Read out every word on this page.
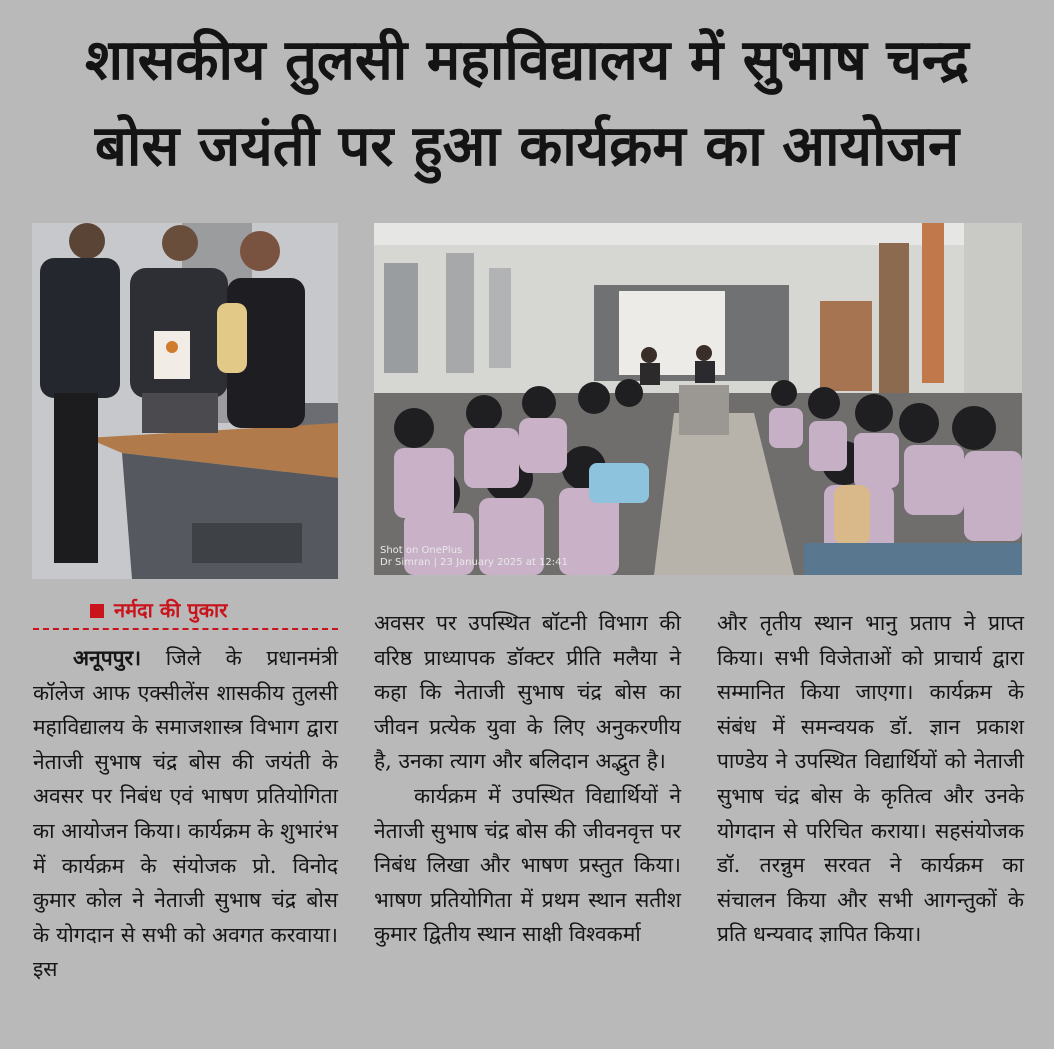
शासकीय तुलसी महाविद्यालय में सुभाष चन्द्र
बोस जयंती पर हुआ कार्यक्रम का आयोजन
Shot on OnePlus
Dr Simran | 23 January 2025 at 12:41
नर्मदा की पुकार

अनूपपुर। जिले के प्रधानमंत्री कॉलेज आफ एक्सीलेंस शासकीय तुलसी महाविद्यालय के समाजशास्त्र विभाग द्वारा नेताजी सुभाष चंद्र बोस की जयंती के अवसर पर निबंध एवं भाषण प्रतियोगिता का आयोजन किया। कार्यक्रम के शुभारंभ में कार्यक्रम के संयोजक प्रो. विनोद कुमार कोल ने नेताजी सुभाष चंद्र बोस के योगदान से सभी को अवगत करवाया। इस

अवसर पर उपस्थित बॉटनी विभाग की वरिष्ठ प्राध्यापक डॉक्टर प्रीति मलैया ने कहा कि नेताजी सुभाष चंद्र बोस का जीवन प्रत्येक युवा के लिए अनुकरणीय है, उनका त्याग और बलिदान अद्भुत है।

कार्यक्रम में उपस्थित विद्यार्थियों ने नेताजी सुभाष चंद्र बोस की जीवनवृत्त पर निबंध लिखा और भाषण प्रस्तुत किया। भाषण प्रतियोगिता में प्रथम स्थान सतीश कुमार द्वितीय स्थान साक्षी विश्वकर्मा

और तृतीय स्थान भानु प्रताप ने प्राप्त किया। सभी विजेताओं को प्राचार्य द्वारा सम्मानित किया जाएगा। कार्यक्रम के संबंध में समन्वयक डॉ. ज्ञान प्रकाश पाण्डेय ने उपस्थित विद्यार्थियों को नेताजी सुभाष चंद्र बोस के कृतित्व और उनके योगदान से परिचित कराया। सहसंयोजक डॉ. तरन्नुम सरवत ने कार्यक्रम का संचालन किया और सभी आगन्तुकों के प्रति धन्यवाद ज्ञापित किया।
